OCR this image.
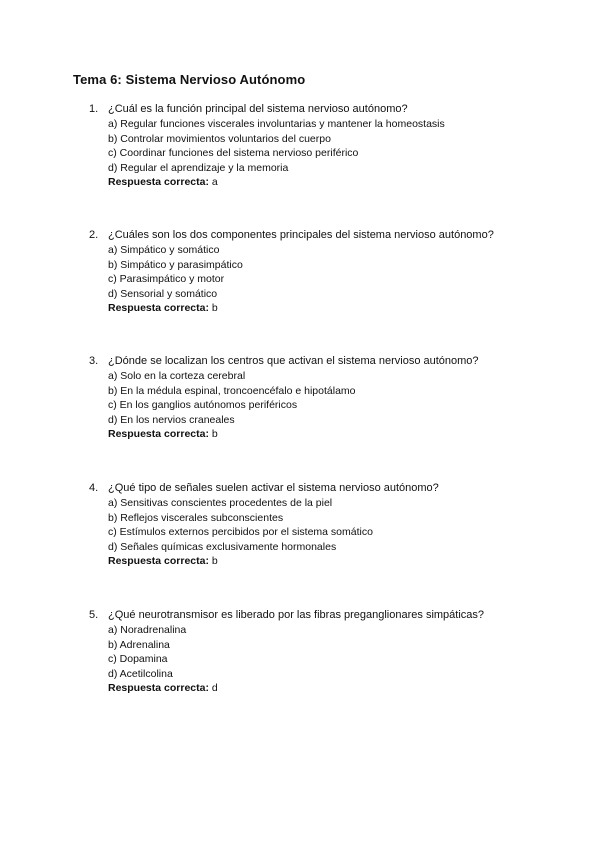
Tema 6: Sistema Nervioso Autónomo
1. ¿Cuál es la función principal del sistema nervioso autónomo?
a) Regular funciones viscerales involuntarias y mantener la homeostasis
b) Controlar movimientos voluntarios del cuerpo
c) Coordinar funciones del sistema nervioso periférico
d) Regular el aprendizaje y la memoria
Respuesta correcta: a
2. ¿Cuáles son los dos componentes principales del sistema nervioso autónomo?
a) Simpático y somático
b) Simpático y parasimpático
c) Parasimpático y motor
d) Sensorial y somático
Respuesta correcta: b
3. ¿Dónde se localizan los centros que activan el sistema nervioso autónomo?
a) Solo en la corteza cerebral
b) En la médula espinal, troncoencéfalo e hipotálamo
c) En los ganglios autónomos periféricos
d) En los nervios craneales
Respuesta correcta: b
4. ¿Qué tipo de señales suelen activar el sistema nervioso autónomo?
a) Sensitivas conscientes procedentes de la piel
b) Reflejos viscerales subconscientes
c) Estímulos externos percibidos por el sistema somático
d) Señales químicas exclusivamente hormonales
Respuesta correcta: b
5. ¿Qué neurotransmisor es liberado por las fibras preganglionares simpáticas?
a) Noradrenalina
b) Adrenalina
c) Dopamina
d) Acetilcolina
Respuesta correcta: d
